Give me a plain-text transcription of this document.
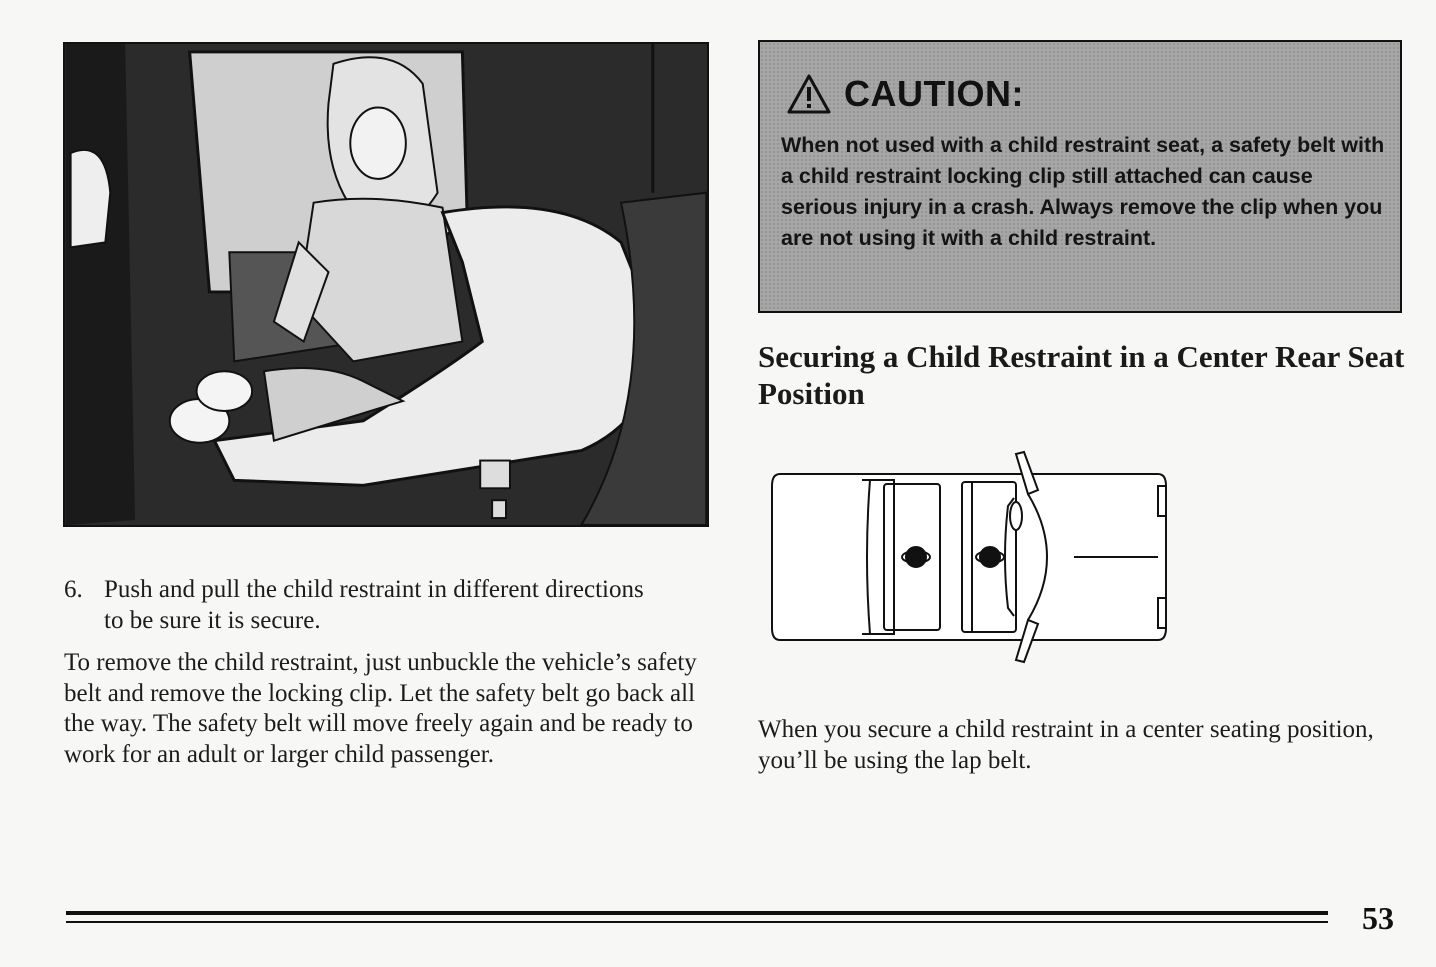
6. Push and pull the child restraint in different directions to be sure it is secure.
To remove the child restraint, just unbuckle the vehicle’s safety belt and remove the locking clip. Let the safety belt go back all the way. The safety belt will move freely again and be ready to work for an adult or larger child passenger.
CAUTION:
When not used with a child restraint seat, a safety belt with a child restraint locking clip still attached can cause serious injury in a crash. Always remove the clip when you are not using it with a child restraint.
Securing a Child Restraint in a Center Rear Seat Position
When you secure a child restraint in a center seating position, you’ll be using the lap belt.
53
